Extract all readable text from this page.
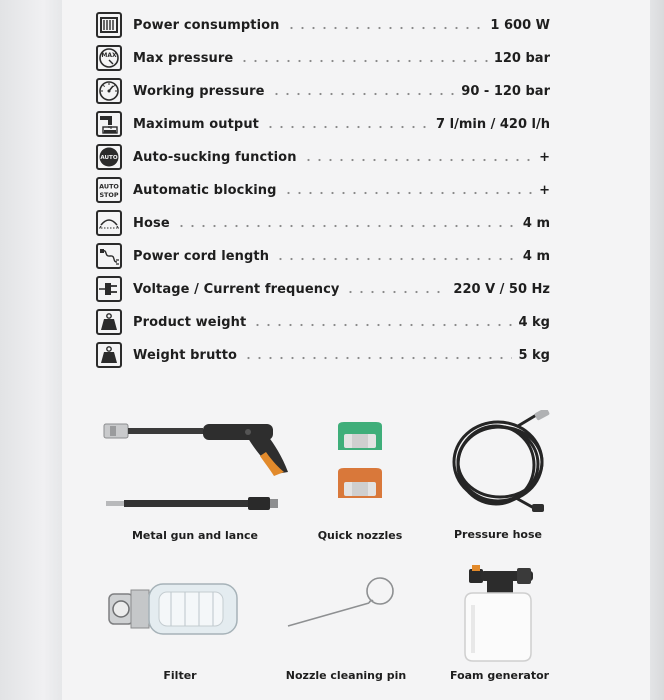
Power consumption	1 600 W
MAX Max pressure	120 bar
Working pressure	90 - 120 bar
Maximum output	7 l/min / 420 l/h
AUTO Auto-sucking function	+
AUTO
STOP Automatic blocking	+
Hose	4 m
Power cord length	4 m
Voltage / Current frequency	220 V / 50 Hz
Product weight	4 kg
Weight brutto	5 kg
Metal gun and lance	Quick nozzles	Pressure hose
Filter	Nozzle cleaning pin	Foam generator
